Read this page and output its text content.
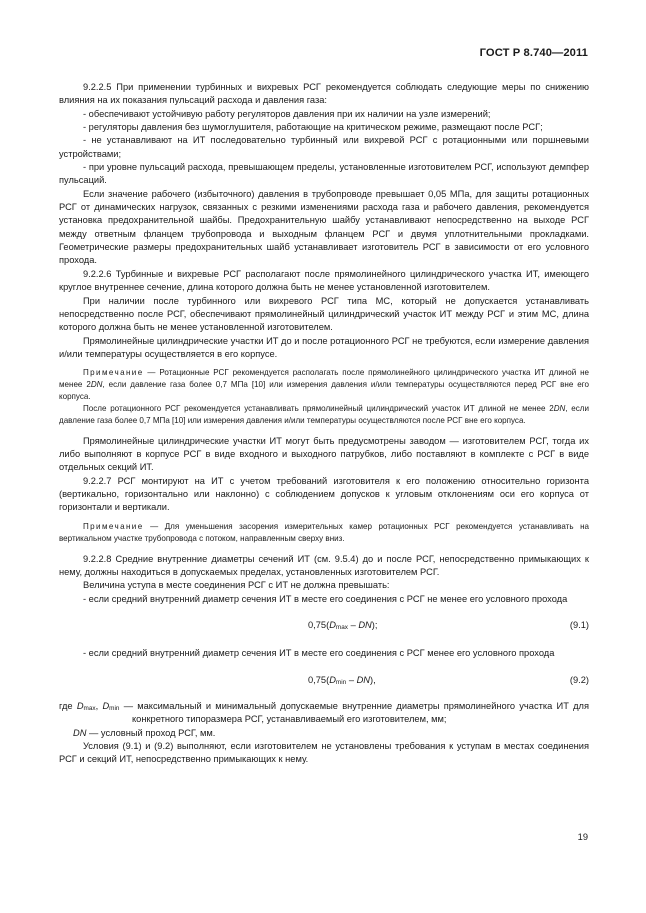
ГОСТ Р 8.740—2011

9.2.2.5 При применении турбинных и вихревых РСГ рекомендуется соблюдать следующие меры по снижению влияния на их показания пульсаций расхода и давления газа:

- обеспечивают устойчивую работу регуляторов давления при их наличии на узле измерений;

- регуляторы давления без шумоглушителя, работающие на критическом режиме, размещают после РСГ;

- не устанавливают на ИТ последовательно турбинный или вихревой РСГ с ротационными или поршневыми устройствами;

- при уровне пульсаций расхода, превышающем пределы, установленные изготовителем РСГ, используют демпфер пульсаций.

Если значение рабочего (избыточного) давления в трубопроводе превышает 0,05 МПа, для защиты ротационных РСГ от динамических нагрузок, связанных с резкими изменениями расхода газа и рабочего давления, рекомендуется установка предохранительной шайбы. Предохранительную шайбу устанавливают непосредственно на выходе РСГ между ответным фланцем трубопровода и выходным фланцем РСГ и двумя уплотнительными прокладками. Геометрические размеры предохранительных шайб устанавливает изготовитель РСГ в зависимости от его условного прохода.

9.2.2.6 Турбинные и вихревые РСГ располагают после прямолинейного цилиндрического участка ИТ, имеющего круглое внутреннее сечение, длина которого должна быть не менее установленной изготовителем.

При наличии после турбинного или вихревого РСГ типа МС, который не допускается устанавливать непосредственно после РСГ, обеспечивают прямолинейный цилиндрический участок ИТ между РСГ и этим МС, длина которого должна быть не менее установленной изготовителем.

Прямолинейные цилиндрические участки ИТ до и после ротационного РСГ не требуются, если измерение давления и/или температуры осуществляется в его корпусе.

Примечание — Ротационные РСГ рекомендуется располагать после прямолинейного цилиндрического участка ИТ длиной не менее 2DN, если давление газа более 0,7 МПа [10] или измерения давления и/или температуры осуществляются перед РСГ вне его корпуса.

После ротационного РСГ рекомендуется устанавливать прямолинейный цилиндрический участок ИТ длиной не менее 2DN, если давление газа более 0,7 МПа [10] или измерения давления и/или температуры осуществляются после РСГ вне его корпуса.

Прямолинейные цилиндрические участки ИТ могут быть предусмотрены заводом — изготовителем РСГ, тогда их либо выполняют в корпусе РСГ в виде входного и выходного патрубков, либо поставляют в комплекте с РСГ в виде отдельных секций ИТ.

9.2.2.7 РСГ монтируют на ИТ с учетом требований изготовителя к его положению относительно горизонта (вертикально, горизонтально или наклонно) с соблюдением допусков к угловым отклонениям оси его корпуса от горизонтали и вертикали.

Примечание — Для уменьшения засорения измерительных камер ротационных РСГ рекомендуется устанавливать на вертикальном участке трубопровода с потоком, направленным сверху вниз.

9.2.2.8 Средние внутренние диаметры сечений ИТ (см. 9.5.4) до и после РСГ, непосредственно примыкающих к нему, должны находиться в допускаемых пределах, установленных изготовителем РСГ.

Величина уступа в месте соединения РСГ с ИТ не должна превышать:

- если средний внутренний диаметр сечения ИТ в месте его соединения с РСГ не менее его условного прохода

$0,75(D_{max} - DN)$;	(9.1)

- если средний внутренний диаметр сечения ИТ в месте его соединения с РСГ менее его условного прохода

$0,75(D_{min} - DN)$,	(9.2)

где $D_{max}$, $D_{min}$ — максимальный и минимальный допускаемые внутренние диаметры прямолинейного участка ИТ для конкретного типоразмера РСГ, устанавливаемый его изготовителем, мм;

DN — условный проход РСГ, мм.

Условия (9.1) и (9.2) выполняют, если изготовителем не установлены требования к уступам в местах соединения РСГ и секций ИТ, непосредственно примыкающих к нему.

19
